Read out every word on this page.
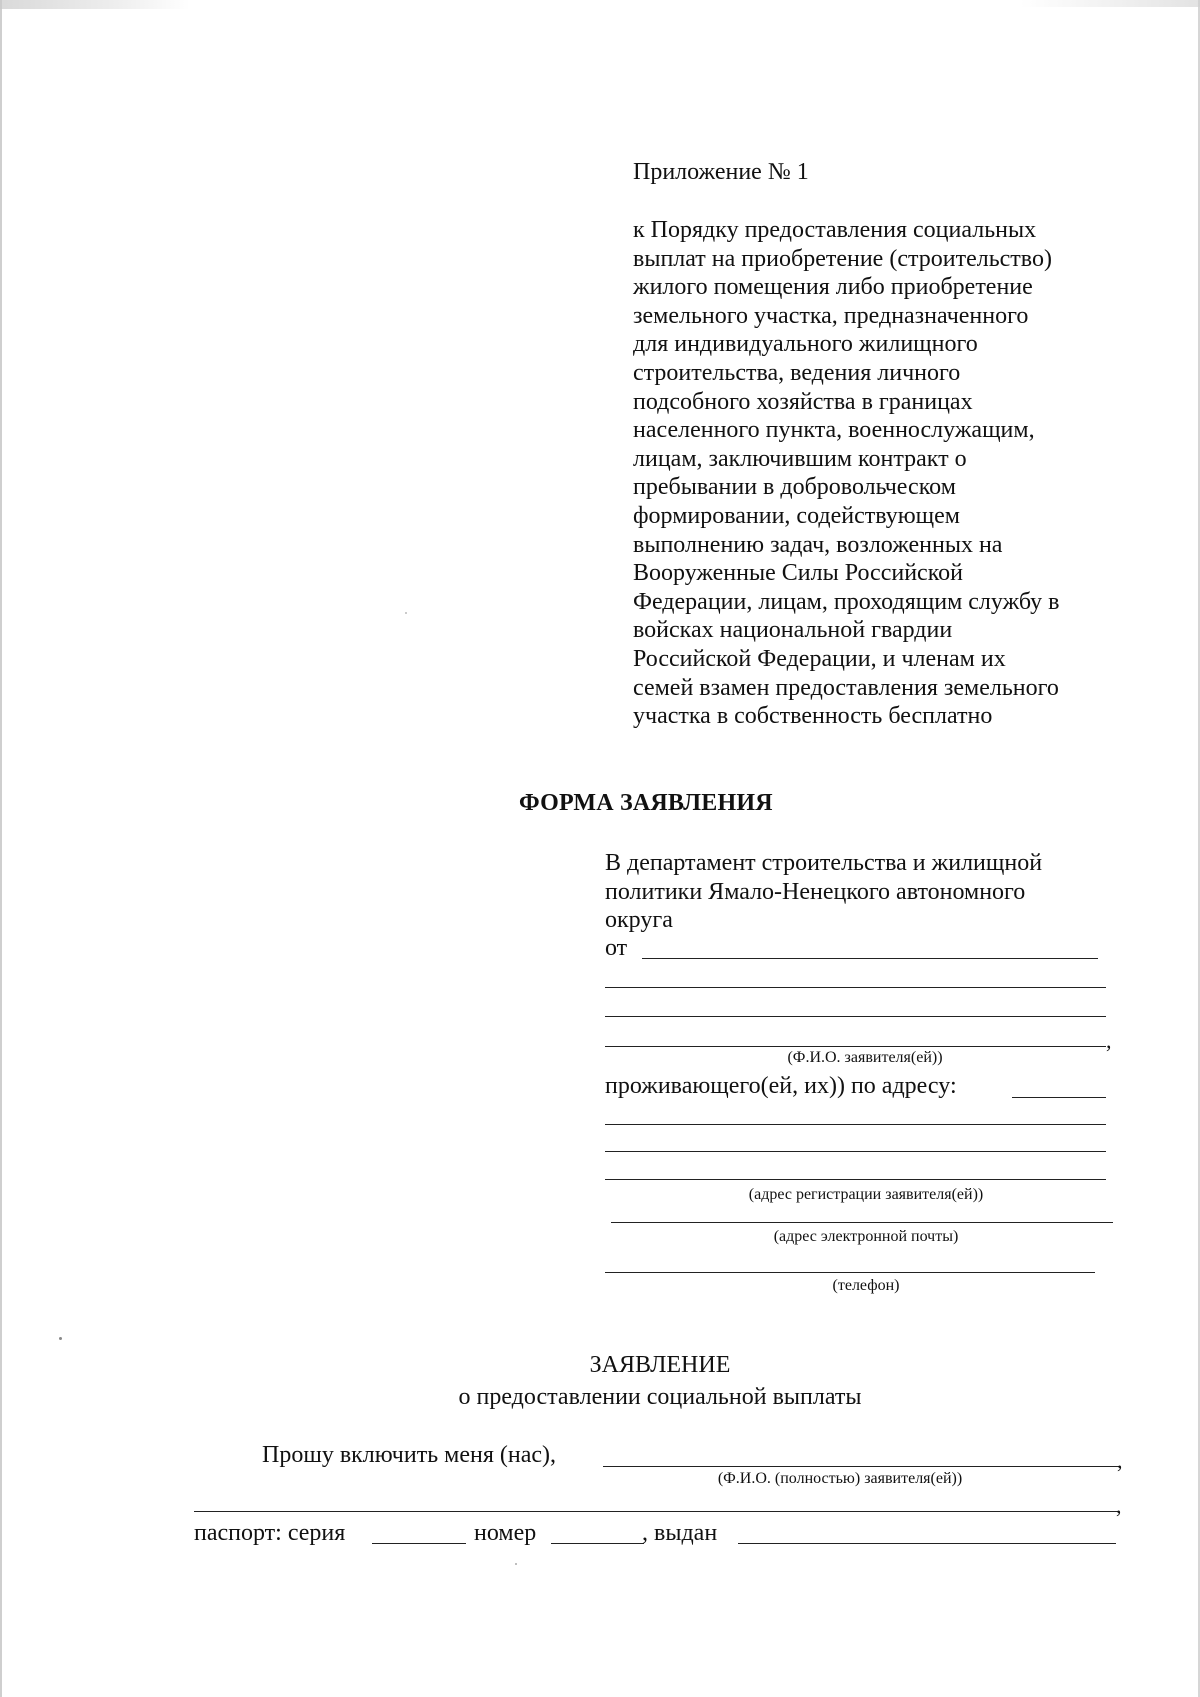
Приложение № 1
к Порядку предоставления социальных
выплат на приобретение (строительство)
жилого помещения либо приобретение
земельного участка, предназначенного
для индивидуального жилищного
строительства, ведения личного
подсобного хозяйства в границах
населенного пункта, военнослужащим,
лицам, заключившим контракт о
пребывании в добровольческом
формировании, содействующем
выполнению задач, возложенных на
Вооруженные Силы Российской
Федерации, лицам, проходящим службу в
войсках национальной гвардии
Российской Федерации, и членам их
семей взамен предоставления земельного
участка в собственность бесплатно
ФОРМА ЗАЯВЛЕНИЯ
В департамент строительства и жилищной
политики Ямало-Ненецкого автономного
округа
от
,
(Ф.И.О. заявителя(ей))
проживающего(ей, их)) по адресу:
(адрес регистрации заявителя(ей))
(адрес электронной почты)
(телефон)
ЗАЯВЛЕНИЕ
о предоставлении социальной выплаты
Прошу включить меня (нас),	,
(Ф.И.О. (полностью) заявителя(ей))
,
паспорт: серия	номер	, выдан
